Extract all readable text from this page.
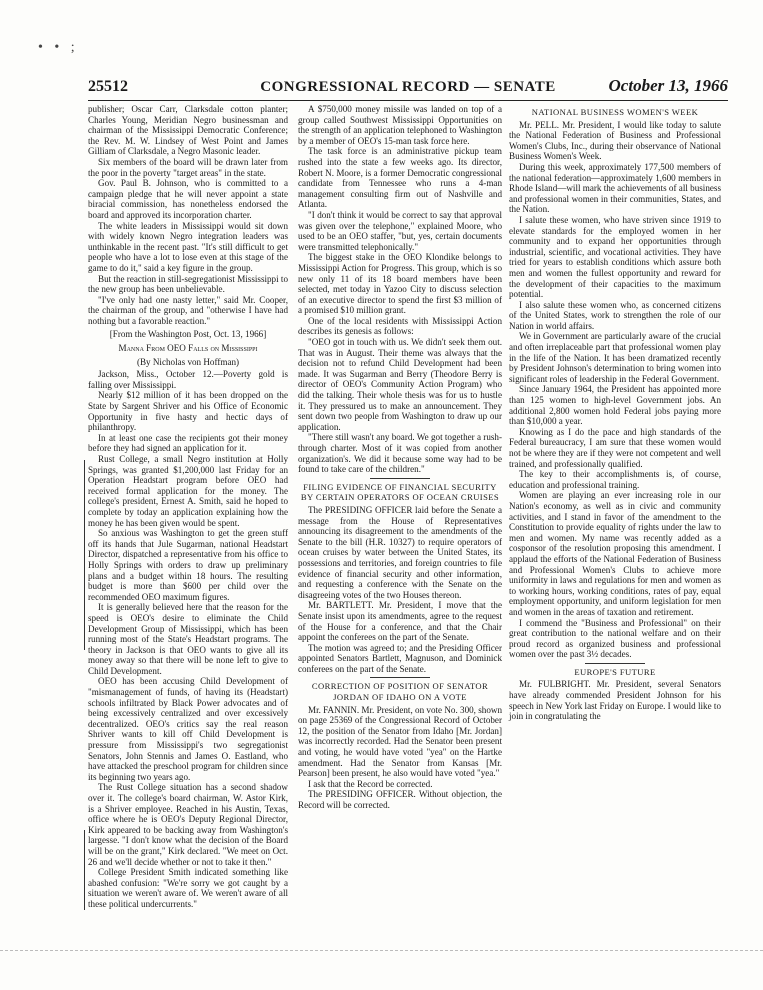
• • ;
25512	CONGRESSIONAL RECORD — SENATE	October 13, 1966

publisher; Oscar Carr, Clarksdale cotton planter; Charles Young, Meridian Negro businessman and chairman of the Mississippi Democratic Conference; the Rev. M. W. Lindsey of West Point and James Gilliam of Clarksdale, a Negro Masonic leader.

Six members of the board will be drawn later from the poor in the poverty "target areas" in the state.

Gov. Paul B. Johnson, who is committed to a campaign pledge that he will never appoint a state biracial commission, has nonetheless endorsed the board and approved its incorporation charter.

The white leaders in Mississippi would sit down with widely known Negro integration leaders was unthinkable in the recent past. "It's still difficult to get people who have a lot to lose even at this stage of the game to do it," said a key figure in the group.

But the reaction in still-segregationist Mississippi to the new group has been unbelievable.

"I've only had one nasty letter," said Mr. Cooper, the chairman of the group, and "otherwise I have had nothing but a favorable reaction."

[From the Washington Post, Oct. 13, 1966]

Manna From OEO Falls on Mississippi

(By Nicholas von Hoffman)

Jackson, Miss., October 12.—Poverty gold is falling over Mississippi.

Nearly $12 million of it has been dropped on the State by Sargent Shriver and his Office of Economic Opportunity in five hasty and hectic days of philanthropy.

In at least one case the recipients got their money before they had signed an application for it.

Rust College, a small Negro institution at Holly Springs, was granted $1,200,000 last Friday for an Operation Headstart program before OEO had received formal application for the money. The college's president, Ernest A. Smith, said he hoped to complete by today an application explaining how the money he has been given would be spent.

So anxious was Washington to get the green stuff off its hands that Jule Sugarman, national Headstart Director, dispatched a representative from his office to Holly Springs with orders to draw up preliminary plans and a budget within 18 hours. The resulting budget is more than $600 per child over the recommended OEO maximum figures.

It is generally believed here that the reason for the speed is OEO's desire to eliminate the Child Development Group of Mississippi, which has been running most of the State's Headstart programs. The theory in Jackson is that OEO wants to give all its money away so that there will be none left to give to Child Development.

OEO has been accusing Child Development of "mismanagement of funds, of having its (Headstart) schools infiltrated by Black Power advocates and of being excessively centralized and over excessively decentralized. OEO's critics say the real reason Shriver wants to kill off Child Development is pressure from Mississippi's two segregationist Senators, John Stennis and James O. Eastland, who have attacked the preschool program for children since its beginning two years ago.

The Rust College situation has a second shadow over it. The college's board chairman, W. Astor Kirk, is a Shriver employee. Reached in his Austin, Texas, office where he is OEO's Deputy Regional Director, Kirk appeared to be backing away from Washington's largesse. "I don't know what the decision of the Board will be on the grant," Kirk declared. "We meet on Oct. 26 and we'll decide whether or not to take it then."

College President Smith indicated something like abashed confusion: "We're sorry we got caught by a situation we weren't aware of. We weren't aware of all these political undercurrents."

A $750,000 money missile was landed on top of a group called Southwest Mississippi Opportunities on the strength of an application telephoned to Washington by a member of OEO's 15-man task force here.

The task force is an administrative pickup team rushed into the state a few weeks ago. Its director, Robert N. Moore, is a former Democratic congressional candidate from Tennessee who runs a 4-man management consulting firm out of Nashville and Atlanta.

"I don't think it would be correct to say that approval was given over the telephone," explained Moore, who used to be an OEO staffer, "but, yes, certain documents were transmitted telephonically."

The biggest stake in the OEO Klondike belongs to Mississippi Action for Progress. This group, which is so new only 11 of its 18 board members have been selected, met today in Yazoo City to discuss selection of an executive director to spend the first $3 million of a promised $10 million grant.

One of the local residents with Mississippi Action describes its genesis as follows:

"OEO got in touch with us. We didn't seek them out. That was in August. Their theme was always that the decision not to refund Child Development had been made. It was Sugarman and Berry (Theodore Berry is director of OEO's Community Action Program) who did the talking. Their whole thesis was for us to hustle it. They pressured us to make an announcement. They sent down two people from Washington to draw up our application.

"There still wasn't any board. We got together a rush-through charter. Most of it was copied from another organization's. We did it because some way had to be found to take care of the children."

FILING EVIDENCE OF FINANCIAL SECURITY BY CERTAIN OPERATORS OF OCEAN CRUISES

The PRESIDING OFFICER laid before the Senate a message from the House of Representatives announcing its disagreement to the amendments of the Senate to the bill (H.R. 10327) to require operators of ocean cruises by water between the United States, its possessions and territories, and foreign countries to file evidence of financial security and other information, and requesting a conference with the Senate on the disagreeing votes of the two Houses thereon.

Mr. BARTLETT. Mr. President, I move that the Senate insist upon its amendments, agree to the request of the House for a conference, and that the Chair appoint the conferees on the part of the Senate.

The motion was agreed to; and the Presiding Officer appointed Senators Bartlett, Magnuson, and Dominick conferees on the part of the Senate.

CORRECTION OF POSITION OF SENATOR JORDAN OF IDAHO ON A VOTE

Mr. FANNIN. Mr. President, on vote No. 300, shown on page 25369 of the Congressional Record of October 12, the position of the Senator from Idaho [Mr. Jordan] was incorrectly recorded. Had the Senator been present and voting, he would have voted "yea" on the Hartke amendment. Had the Senator from Kansas [Mr. Pearson] been present, he also would have voted "yea."

I ask that the Record be corrected.

The PRESIDING OFFICER. Without objection, the Record will be corrected.

NATIONAL BUSINESS WOMEN'S WEEK

Mr. PELL. Mr. President, I would like today to salute the National Federation of Business and Professional Women's Clubs, Inc., during their observance of National Business Women's Week.

During this week, approximately 177,500 members of the national federation—approximately 1,600 members in Rhode Island—will mark the achievements of all business and professional women in their communities, States, and the Nation.

I salute these women, who have striven since 1919 to elevate standards for the employed women in her community and to expand her opportunities through industrial, scientific, and vocational activities. They have tried for years to establish conditions which assure both men and women the fullest opportunity and reward for the development of their capacities to the maximum potential.

I also salute these women who, as concerned citizens of the United States, work to strengthen the role of our Nation in world affairs.

We in Government are particularly aware of the crucial and often irreplaceable part that professional women play in the life of the Nation. It has been dramatized recently by President Johnson's determination to bring women into significant roles of leadership in the Federal Government.

Since January 1964, the President has appointed more than 125 women to high-level Government jobs. An additional 2,800 women hold Federal jobs paying more than $10,000 a year.

Knowing as I do the pace and high standards of the Federal bureaucracy, I am sure that these women would not be where they are if they were not competent and well trained, and professionally qualified.

The key to their accomplishments is, of course, education and professional training.

Women are playing an ever increasing role in our Nation's economy, as well as in civic and community activities, and I stand in favor of the amendment to the Constitution to provide equality of rights under the law to men and women. My name was recently added as a cosponsor of the resolution proposing this amendment. I applaud the efforts of the National Federation of Business and Professional Women's Clubs to achieve more uniformity in laws and regulations for men and women as to working hours, working conditions, rates of pay, equal employment opportunity, and uniform legislation for men and women in the areas of taxation and retirement.

I commend the "Business and Professional" on their great contribution to the national welfare and on their proud record as organized business and professional women over the past 3½ decades.

EUROPE'S FUTURE

Mr. FULBRIGHT. Mr. President, several Senators have already commended President Johnson for his speech in New York last Friday on Europe. I would like to join in congratulating the
